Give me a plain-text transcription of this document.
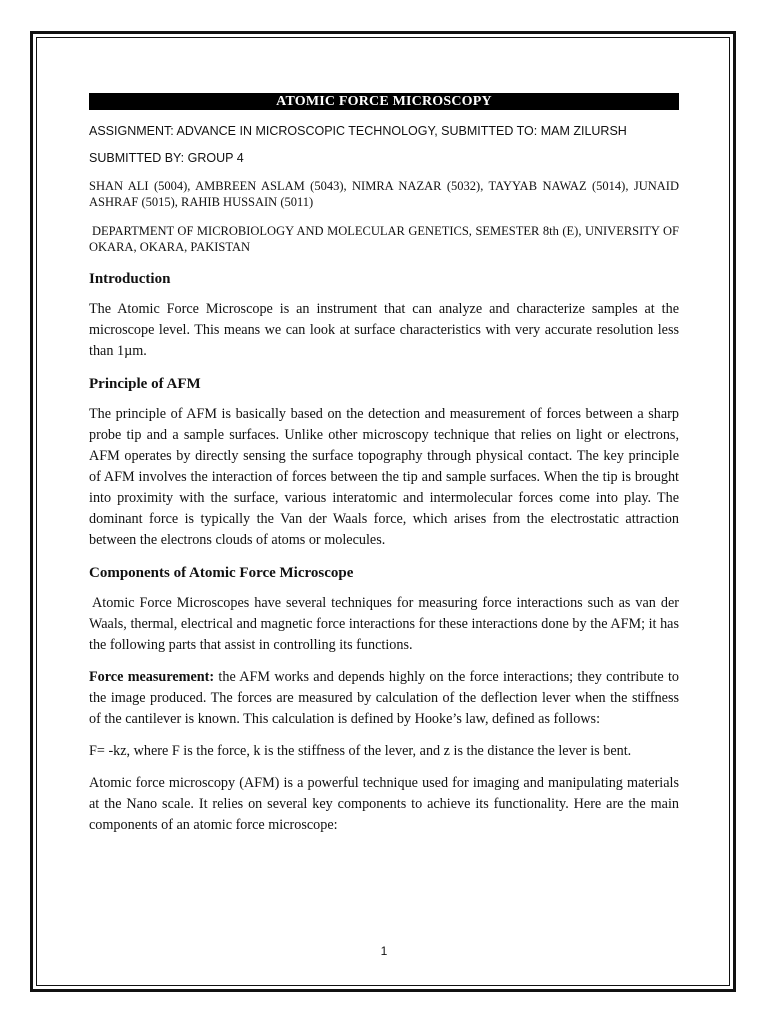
ATOMIC FORCE MICROSCOPY

ASSIGNMENT: ADVANCE IN MICROSCOPIC TECHNOLOGY, SUBMITTED TO: MAM ZILURSH

SUBMITTED BY: GROUP 4

SHAN ALI (5004), AMBREEN ASLAM (5043), NIMRA NAZAR (5032), TAYYAB NAWAZ (5014), JUNAID ASHRAF (5015), RAHIB HUSSAIN (5011)

DEPARTMENT OF MICROBIOLOGY AND MOLECULAR GENETICS, SEMESTER 8th (E), UNIVERSITY OF OKARA, OKARA, PAKISTAN

Introduction

The Atomic Force Microscope is an instrument that can analyze and characterize samples at the microscope level. This means we can look at surface characteristics with very accurate resolution less than 1µm.

Principle of AFM

The principle of AFM is basically based on the detection and measurement of forces between a sharp probe tip and a sample surfaces. Unlike other microscopy technique that relies on light or electrons, AFM operates by directly sensing the surface topography through physical contact. The key principle of AFM involves the interaction of forces between the tip and sample surfaces. When the tip is brought into proximity with the surface, various interatomic and intermolecular forces come into play. The dominant force is typically the Van der Waals force, which arises from the electrostatic attraction between the electrons clouds of atoms or molecules.

Components of Atomic Force Microscope

Atomic Force Microscopes have several techniques for measuring force interactions such as van der Waals, thermal, electrical and magnetic force interactions for these interactions done by the AFM; it has the following parts that assist in controlling its functions.

Force measurement: the AFM works and depends highly on the force interactions; they contribute to the image produced. The forces are measured by calculation of the deflection lever when the stiffness of the cantilever is known. This calculation is defined by Hooke’s law, defined as follows:

F= -kz, where F is the force, k is the stiffness of the lever, and z is the distance the lever is bent.

Atomic force microscopy (AFM) is a powerful technique used for imaging and manipulating materials at the Nano scale. It relies on several key components to achieve its functionality. Here are the main components of an atomic force microscope:

1
